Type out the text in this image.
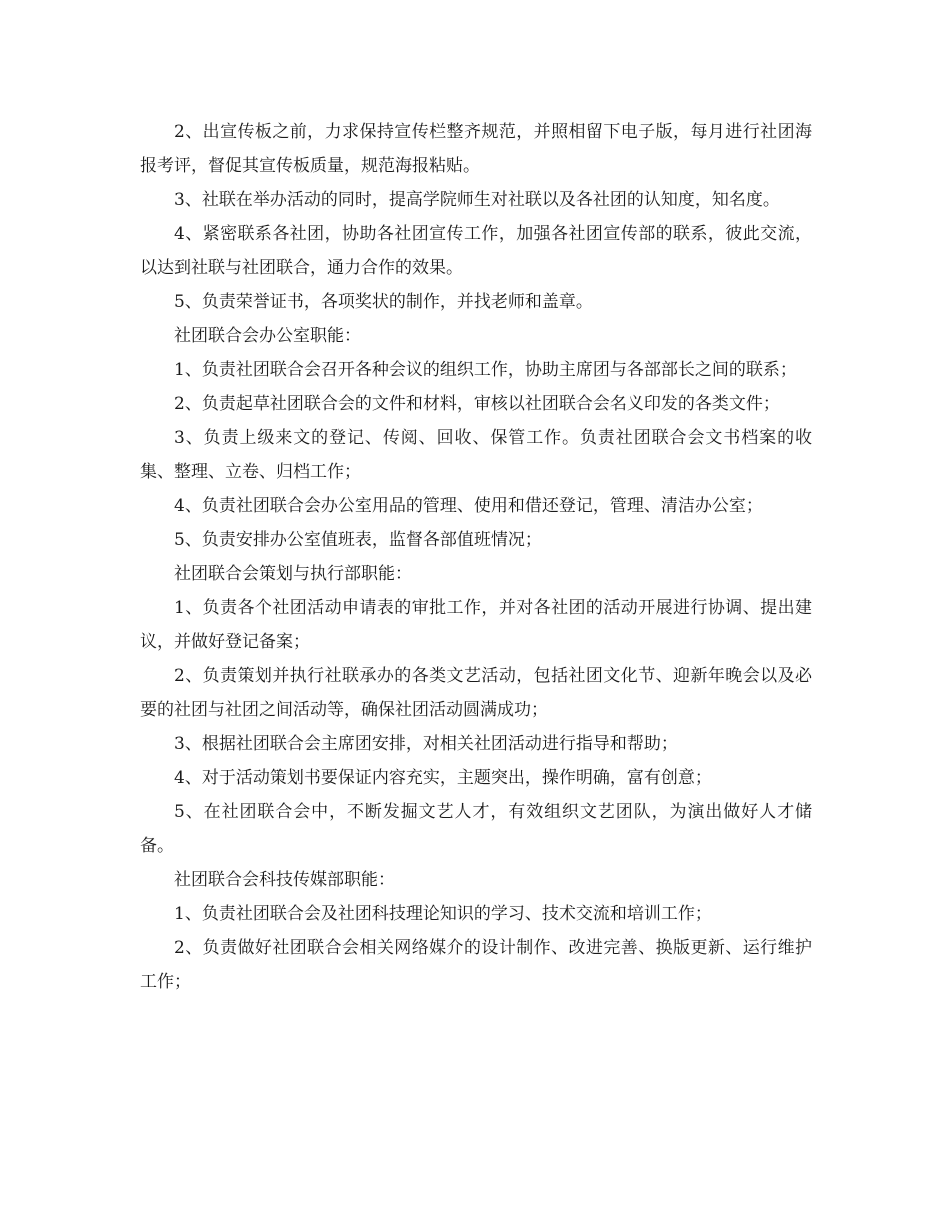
2、出宣传板之前，力求保持宣传栏整齐规范，并照相留下电子版，每月进行社团海报考评，督促其宣传板质量，规范海报粘贴。

3、社联在举办活动的同时，提高学院师生对社联以及各社团的认知度，知名度。

4、紧密联系各社团，协助各社团宣传工作，加强各社团宣传部的联系，彼此交流，以达到社联与社团联合，通力合作的效果。

5、负责荣誉证书，各项奖状的制作，并找老师和盖章。

社团联合会办公室职能：

1、负责社团联合会召开各种会议的组织工作，协助主席团与各部部长之间的联系；

2、负责起草社团联合会的文件和材料，审核以社团联合会名义印发的各类文件；

3、负责上级来文的登记、传阅、回收、保管工作。负责社团联合会文书档案的收集、整理、立卷、归档工作；

4、负责社团联合会办公室用品的管理、使用和借还登记，管理、清洁办公室；

5、负责安排办公室值班表，监督各部值班情况；

社团联合会策划与执行部职能：

1、负责各个社团活动申请表的审批工作，并对各社团的活动开展进行协调、提出建议，并做好登记备案；

2、负责策划并执行社联承办的各类文艺活动，包括社团文化节、迎新年晚会以及必要的社团与社团之间活动等，确保社团活动圆满成功；

3、根据社团联合会主席团安排，对相关社团活动进行指导和帮助；

4、对于活动策划书要保证内容充实，主题突出，操作明确，富有创意；

5、在社团联合会中，不断发掘文艺人才，有效组织文艺团队，为演出做好人才储备。

社团联合会科技传媒部职能：

1、负责社团联合会及社团科技理论知识的学习、技术交流和培训工作；

2、负责做好社团联合会相关网络媒介的设计制作、改进完善、换版更新、运行维护工作；
